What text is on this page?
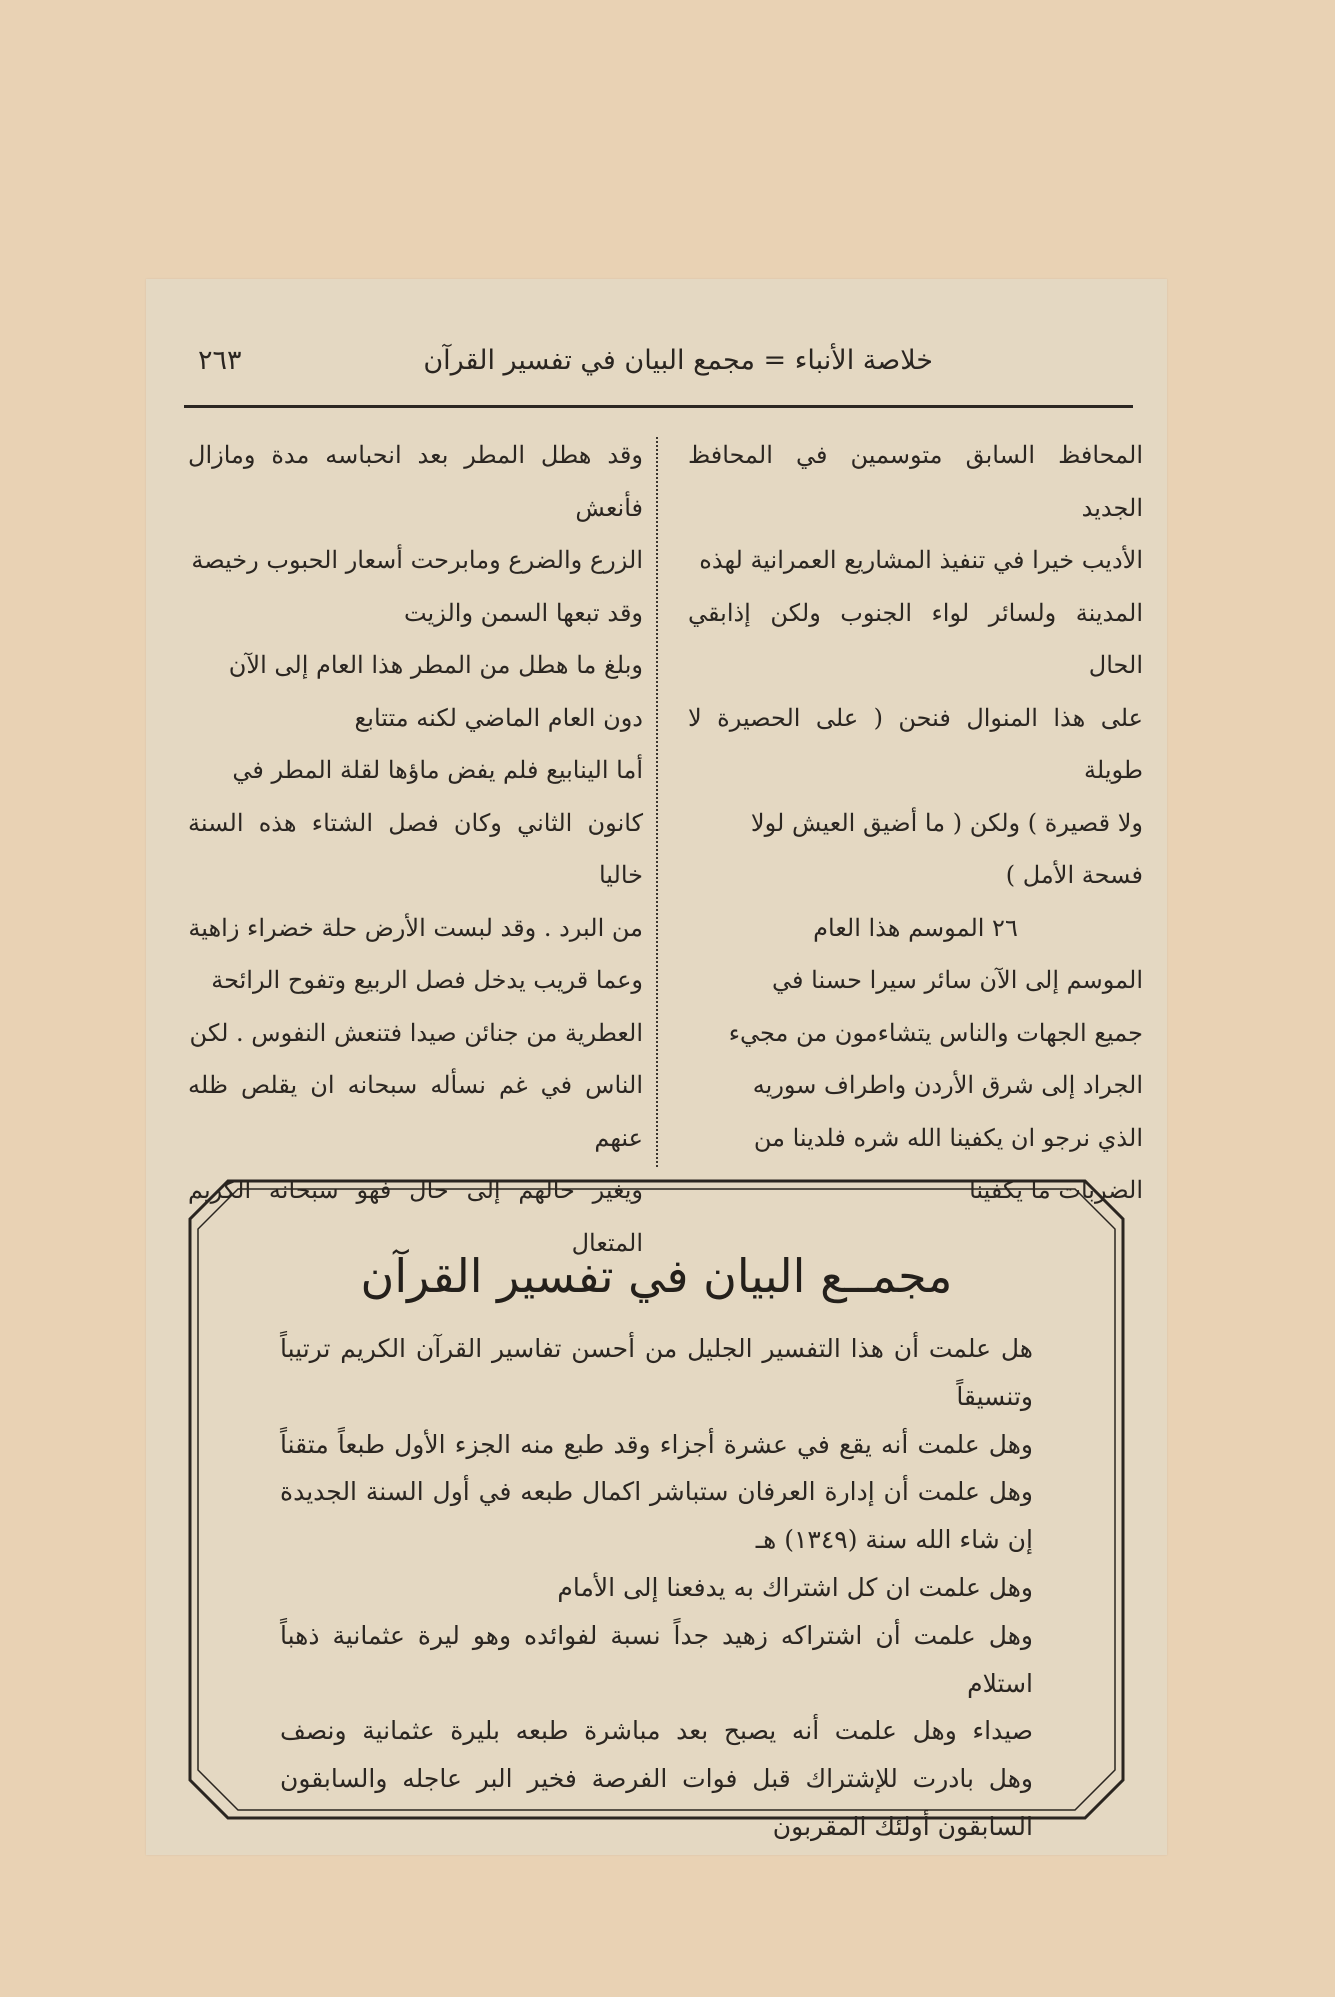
خلاصة الأنباء = مجمع البيان في تفسير القرآن
٢٦٣

المحافظ السابق متوسمين في المحافظ الجديد

الأديب خيرا في تنفيذ المشاريع العمرانية لهذه

المدينة ولسائر لواء الجنوب ولكن إذابقي الحال

على هذا المنوال فنحن ( على الحصيرة لا طويلة

ولا قصيرة ) ولكن ( ما أضيق العيش لولا

فسحة الأمل )

٢٦ الموسم هذا العام

الموسم إلى الآن سائر سيرا حسنا في

جميع الجهات والناس يتشاءمون من مجيء

الجراد إلى شرق الأردن واطراف سوريه

الذي نرجو ان يكفينا الله شره فلدينا من

الضربات ما يكفينا

وقد هطل المطر بعد انحباسه مدة ومازال فأنعش

الزرع والضرع ومابرحت أسعار الحبوب رخيصة

وقد تبعها السمن والزيت

وبلغ ما هطل من المطر هذا العام إلى الآن

دون العام الماضي لكنه متتابع

أما الينابيع فلم يفض ماؤها لقلة المطر في

كانون الثاني وكان فصل الشتاء هذه السنة خاليا

من البرد . وقد لبست الأرض حلة خضراء زاهية

وعما قريب يدخل فصل الربيع وتفوح الرائحة

العطرية من جنائن صيدا فتنعش النفوس . لكن

الناس في غم نسأله سبحانه ان يقلص ظله عنهم

ويغير حالهم إلى حال فهو سبحانه الكريم المتعال

مجمــع البيان في تفسير القرآن

هل علمت أن هذا التفسير الجليل من أحسن تفاسير القرآن الكريم ترتيباً وتنسيقاً

وهل علمت أنه يقع في عشرة أجزاء وقد طبع منه الجزء الأول طبعاً متقناً

وهل علمت أن إدارة العرفان ستباشر اكمال طبعه في أول السنة الجديدة

إن شاء الله سنة (١٣٤٩) هـ

وهل علمت ان كل اشتراك به يدفعنا إلى الأمام

وهل علمت أن اشتراكه زهيد جداً نسبة لفوائده وهو ليرة عثمانية ذهباً استلام

صيداء وهل علمت أنه يصبح بعد مباشرة طبعه بليرة عثمانية ونصف

وهل بادرت للإشتراك قبل فوات الفرصة فخير البر عاجله والسابقون

السابقون أولئك المقربون
